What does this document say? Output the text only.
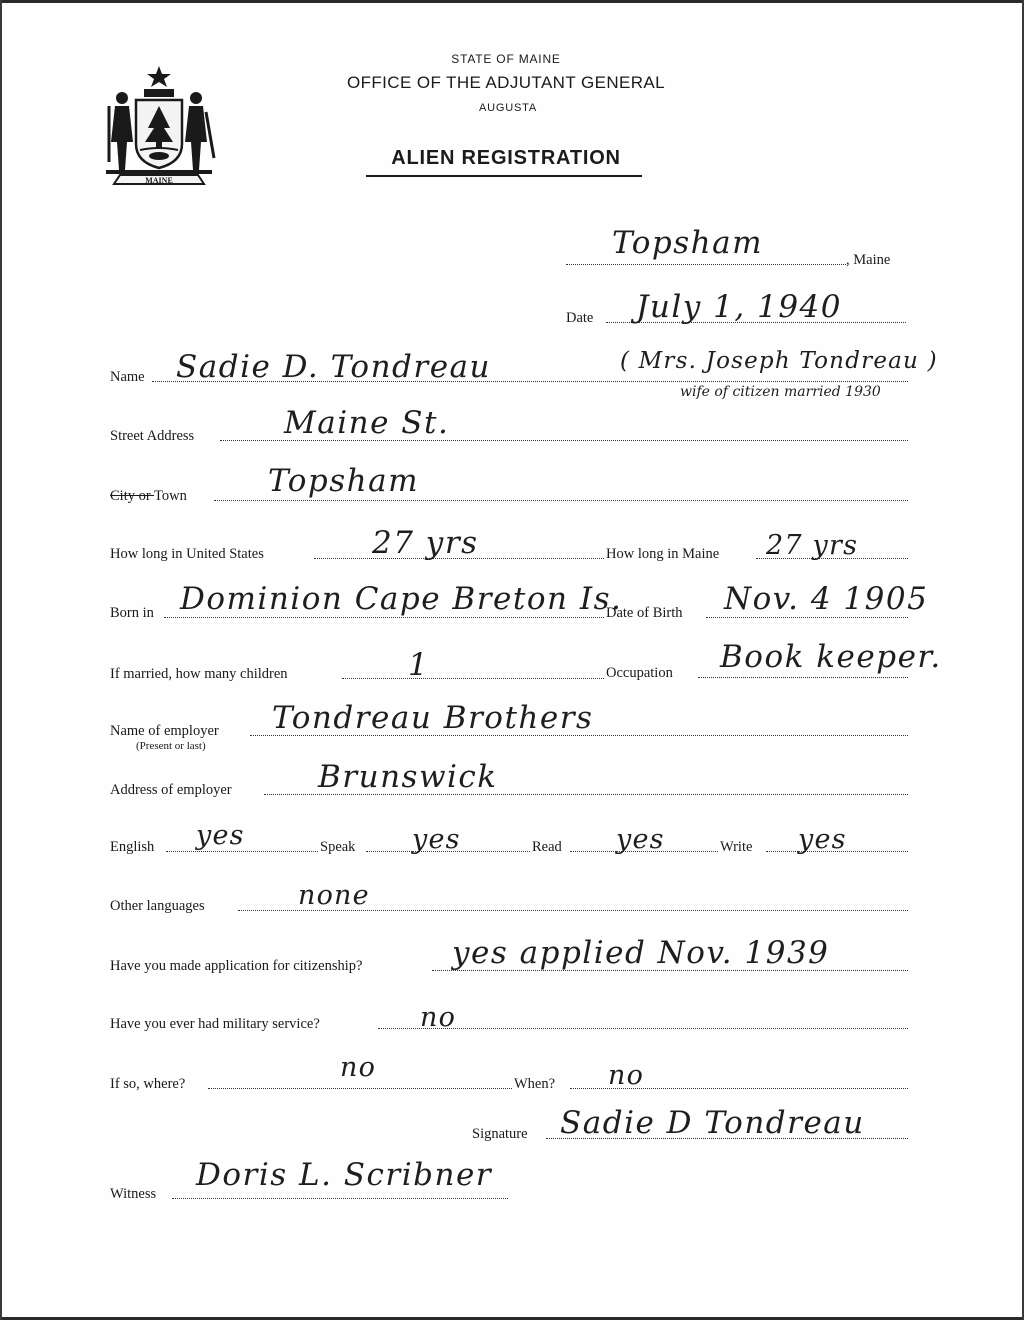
MAINE
STATE OF MAINE
OFFICE OF THE ADJUTANT GENERAL
AUGUSTA
ALIEN REGISTRATION
, Maine
Topsham
Date July 1, 1940
Name Sadie D. Tondreau	( Mrs. Joseph Tondreau )
wife of citizen married 1930
Street Address	Maine St.
City or Town	Topsham
How long in United States	27 yrs	How long in Maine 27 yrs
Born in Dominion Cape Breton Is.
Date of Birth Nov. 4 1905
If married, how many children	1	Occupation Book keeper.
Name of employer
(Present or last)
Tondreau Brothers
Address of employer	Brunswick
English yes	Speak yes	Read yes	Write yes
Other languages	none
Have you made application for citizenship?	yes applied Nov. 1939
Have you ever had military service?	no
If so, where?
no
When? no
Signature Sadie D Tondreau
Witness
Doris L. Scribner
